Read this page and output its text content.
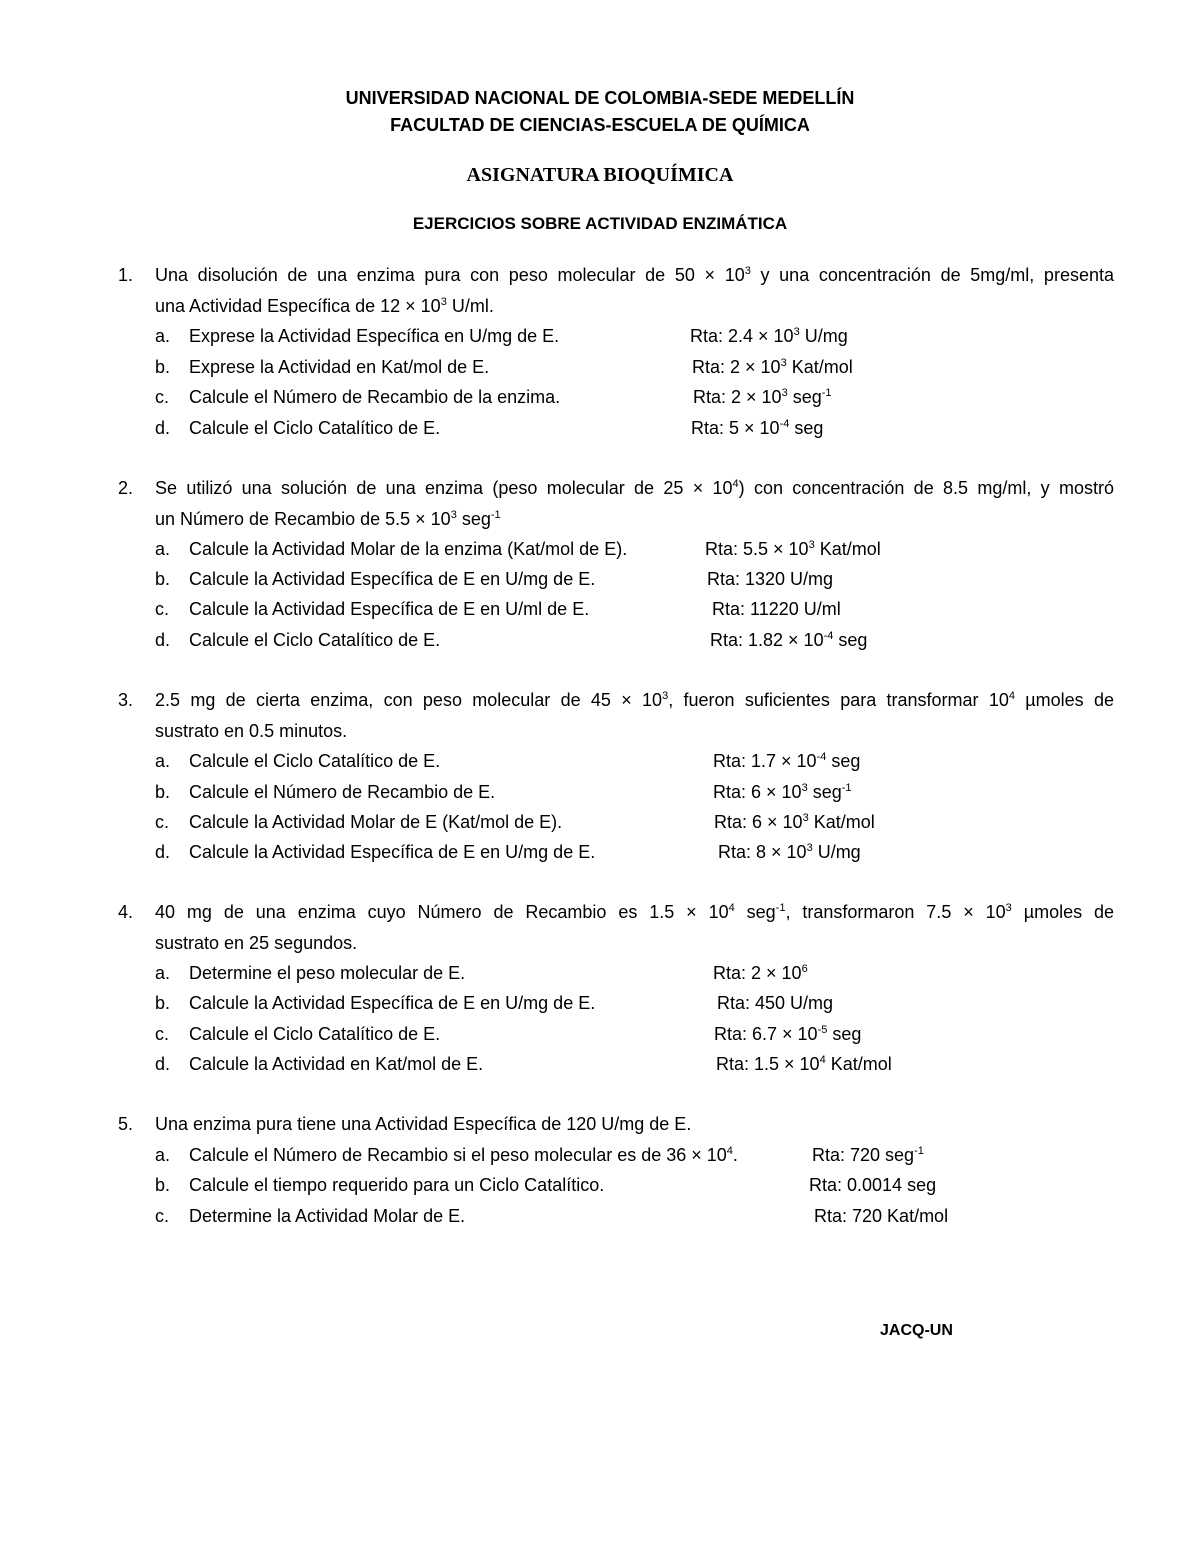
UNIVERSIDAD NACIONAL DE COLOMBIA-SEDE MEDELLÍN
FACULTAD DE CIENCIAS-ESCUELA DE QUÍMICA
ASIGNATURA BIOQUÍMICA
EJERCICIOS SOBRE ACTIVIDAD ENZIMÁTICA
1. Una disolución de una enzima pura con peso molecular de $50 \times 10^3$ y una concentración de 5mg/ml, presenta
una Actividad Específica de $12 \times 10^3$ U/ml.
a. Exprese la Actividad Específica en U/mg de E.	Rta: $2.4 \times 10^3$ U/mg
b. Exprese la Actividad en Kat/mol de E.	Rta: $2 \times 10^3$ Kat/mol
c. Calcule el Número de Recambio de la enzima.	Rta: $2 \times 10^3$ seg$^{-1}$
d. Calcule el Ciclo Catalítico de E.	Rta: $5 \times 10^{-4}$ seg
2. Se utilizó una solución de una enzima (peso molecular de $25 \times 10^4$) con concentración de 8.5 mg/ml, y mostró
un Número de Recambio de $5.5 \times 10^3$ seg$^{-1}$
a. Calcule la Actividad Molar de la enzima (Kat/mol de E).	Rta: $5.5 \times 10^3$ Kat/mol
b. Calcule la Actividad Específica de E en U/mg de E.	Rta: 1320 U/mg
c. Calcule la Actividad Específica de E en U/ml de E.	Rta: 11220 U/ml
d. Calcule el Ciclo Catalítico de E.	Rta: $1.82 \times 10^{-4}$ seg
3. 2.5 mg de cierta enzima, con peso molecular de $45 \times 10^3$, fueron suficientes para transformar $10^4$ µmoles de
sustrato en 0.5 minutos.
a. Calcule el Ciclo Catalítico de E.	Rta: $1.7 \times 10^{-4}$ seg
b. Calcule el Número de Recambio de E.	Rta: $6 \times 10^3$ seg$^{-1}$
c. Calcule la Actividad Molar de E (Kat/mol de E).	Rta: $6 \times 10^3$ Kat/mol
d. Calcule la Actividad Específica de E en U/mg de E.	Rta: $8 \times 10^3$ U/mg
4. 40 mg de una enzima cuyo Número de Recambio es $1.5 \times 10^4$ seg$^{-1}$, transformaron $7.5 \times 10^3$ µmoles de
sustrato en 25 segundos.
a. Determine el peso molecular de E.	Rta: $2 \times 10^6$
b. Calcule la Actividad Específica de E en U/mg de E.	Rta: 450 U/mg
c. Calcule el Ciclo Catalítico de E.	Rta: $6.7 \times 10^{-5}$ seg
d. Calcule la Actividad en Kat/mol de E.	Rta: $1.5 \times 10^4$ Kat/mol
5. Una enzima pura tiene una Actividad Específica de 120 U/mg de E.
a. Calcule el Número de Recambio si el peso molecular es de $36 \times 10^4$.	Rta: 720 seg$^{-1}$
b. Calcule el tiempo requerido para un Ciclo Catalítico.	Rta: 0.0014 seg
c. Determine la Actividad Molar de E.	Rta: 720 Kat/mol
JACQ-UN
